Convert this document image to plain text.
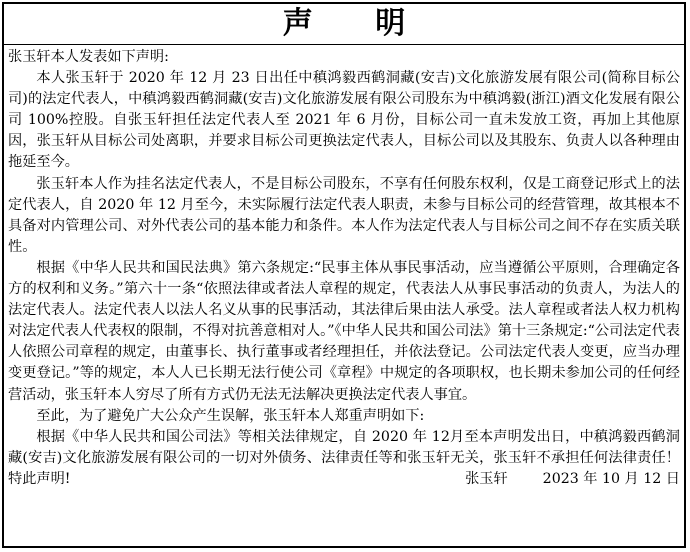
声 明

张玉轩本人发表如下声明:

本人张玉轩于 2020 年 12 月 23 日出任中稹鸿毅西鹤洞藏(安吉)文化旅游发展有限公司(简称目标公司)的法定代表人，中稹鸿毅西鹤洞藏(安吉)文化旅游发展有限公司股东为中稹鸿毅(浙江)酒文化发展有限公司 100%控股。自张玉轩担任法定代表人至 2021 年 6 月份，目标公司一直未发放工资，再加上其他原因，张玉轩从目标公司处离职，并要求目标公司更换法定代表人，目标公司以及其股东、负责人以各种理由拖延至今。

张玉轩本人作为挂名法定代表人，不是目标公司股东，不享有任何股东权利，仅是工商登记形式上的法定代表人，自 2020 年 12 月至今，未实际履行法定代表人职责，未参与目标公司的经营管理，故其根本不具备对内管理公司、对外代表公司的基本能力和条件。本人作为法定代表人与目标公司之间不存在实质关联性。

根据《中华人民共和国民法典》第六条规定:“民事主体从事民事活动，应当遵循公平原则，合理确定各方的权利和义务。”第六十一条“依照法律或者法人章程的规定，代表法人从事民事活动的负责人，为法人的法定代表人。法定代表人以法人名义从事的民事活动，其法律后果由法人承受。法人章程或者法人权力机构对法定代表人代表权的限制，不得对抗善意相对人。”《中华人民共和国公司法》第十三条规定:“公司法定代表人依照公司章程的规定，由董事长、执行董事或者经理担任，并依法登记。公司法定代表人变更，应当办理变更登记。”等的规定，本人人已长期无法行使公司《章程》中规定的各项职权，也长期未参加公司的任何经营活动，张玉轩本人穷尽了所有方式仍无法无法解决更换法定代表人事宜。

至此，为了避免广大公众产生误解，张玉轩本人郑重声明如下:

根据《中华人民共和国公司法》等相关法律规定，自 2020 年 12月至本声明发出日，中稹鸿毅西鹤洞藏(安吉)文化旅游发展有限公司的一切对外债务、法律责任等和张玉轩无关，张玉轩不承担任何法律责任！ 特此声明!	张玉轩 2023 年 10 月 12 日
